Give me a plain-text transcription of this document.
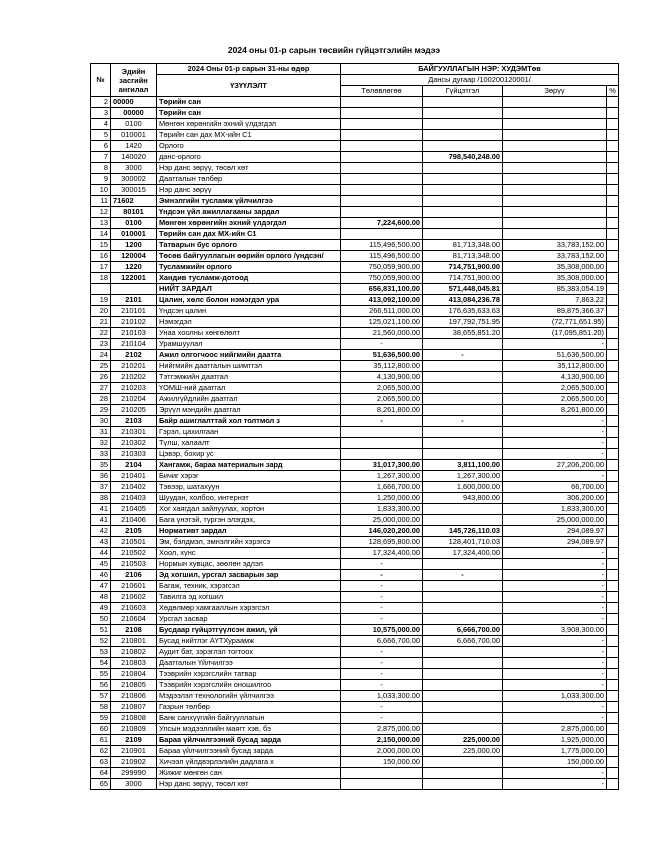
2024 оны 01-р сарын төсвийн гүйцэтгэлийн мэдээ
№	Эдийн засгийн ангилал	2024 Оны 01-р сарын 31-ны өдөр	БАЙГУУЛЛАГЫН НЭР: ХУДЭМТөв			
		ҮЗҮҮЛЭЛТ	Дансы дугаар /100200120001/			
			Төлөвлөгөө	Гүйцэтгэл	Зөрүү	%
2	00000	Төрийн сан				
3	00000	Төрийн сан				
4	0100	Мөнгөн хөрөнгийн эхний үлдэгдэл				
5	010001	Төрийн сан дах МХ-ийн С1				
6	1420	Орлого				
7	140020	данс-орлого		798,540,248.00		
8	3000	Нэр данс зөрүү, төсөл хөт				
9	300002	Даатгалын төлбөр				
10	300015	Нэр данс зөрүү				
11	71602	Эмнэлгийн тусламж үйлчилгээ				
12	80101	Үндсэн үйл ажиллагааны зардал				
13	0100	Мөнгөн хөрөнгийн эхний үлдэгдэл	7,224,600.00			
14	010001	Төрийн сан дах МХ-ийн С1				
15	1200	Татварын бус орлого	115,496,500.00	81,713,348.00	33,783,152.00	
16	120004	Төсөв байгууллагын өөрийн орлого /үндсэн/	115,496,500.00	81,713,348.00	33,783,152.00	
17	1220	Тусламжийн орлого	750,059,900.00	714,751,900.00	35,308,000.00	
18	122001	Хандив тусламж-дотоод	750,059,900.00	714,751,900.00	35,308,000.00	
		НИЙТ ЗАРДАЛ	656,831,100.00	571,448,045.81	85,383,054.19	
19	2101	Цалин, хөлс болон нэмэгдэл ура	413,092,100.00	413,084,236.78	7,863.22	
20	210101	Үндсэн цалин	266,511,000.00	176,635,633.63	89,875,366.37	
21	210102	Нэмэгдэл	125,021,100.00	197,792,751.95	(72,771,651.95)	
22	210103	Унаа хоолны хөнгөлөлт	21,560,000.00	38,655,851.20	(17,095,851.20)	
23	210104	Урамшуулал	-		-	
24	2102	Ажил олгогчоос нийгмийн даатга	51,636,500.00	-	51,636,500.00	
25	210201	Нийгмийн даатгалын шимтгэл	35,112,800.00		35,112,800.00	
26	210202	Тэтгэмжийн даатгал	4,130,900.00		4,130,900.00	
27	210203	ҮОМШ-ний даатгал	2,065,500.00		2,065,500.00	
28	210204	Ажилгүйдлийн даатгал	2,065,500.00		2,065,500.00	
29	210205	Эрүүл мэндийн даатгал	8,261,800.00		8,261,800.00	
30	2103	Байр ашиглалттай хол толтмол з	-	-	-	
31	210301	Гэрэл, цахилгаан			-	
32	210302	Түлш, халаалт			-	
33	210303	Цэвэр, бохир ус			-	
35	2104	Хангамж, бараа материалын зард	31,017,300.00	3,811,100.00	27,206,200.00	
36	210401	Бичиг хэрэг	1,267,300.00	1,267,300.00	-	
37	210402	Тэвээр, шатахуун	1,666,700.00	1,600,000.00	66,700.00	
38	210403	Шуудан, холбоо, интернэт	1,250,000.00	943,800.00	306,200.00	
41	210405	Хог хаягдал зайлуулах, хортон	1,833,300.00		1,833,300.00	
41	210406	Бага үнэтэй, түргэн элэгдэх,	25,000,000.00		25,000,000.00	
42	2105	Нормативт зардал	146,020,200.00	145,726,110.03	294,089.97	
43	210501	Эм, бэлдмэл, эмнэлгийн хэрэгсэ	128,695,800.00	128,401,710.03	294,089.97	
44	210502	Хоол, хүнс	17,324,400.00	17,324,400.00	-	
45	210503	Нормын хувцас, зөөлөн эдлэл	-		-	
46	2106	Эд хогшил, урсгал засварын зар	-	-	-	
47	210601	Багаж, техник, хэрэгсэл	-		-	
48	210602	Тавилга эд хогшил	-		-	
49	210603	Хөдөлмөр хамгааллын хэрэгсэл	-		-	
50	210604	Урсгал засвар	-		-	
51	2108	Бусдаар гүйцэтгүүлсэн ажил, үй	10,575,000.00	6,666,700.00	3,908,300.00	
52	210801	Бусад нийтлэг АҮТХураамж	6,666,700.00	6,666,700.00	-	
53	210802	Аудит бат, зэрэглэл тогтоох	-		-	
54	210803	Даатгалын Үйлчилгээ	-		-	
55	210804	Тээврийн хэрэгслийн татвар	-		-	
56	210805	Тээврийн хэрэгслийн оношилгоо	-		-	
57	210806	Мэдээлэл технологийн үйлчилгээ	1,033,300.00		1,033,300.00	
58	210807	Газрын төлбөр	-		-	
59	210808	Банк санхүүгийн байгууллагын	-		-	
60	210809	Улсын мэдээллийн маягт хэв, бэ	2,875,000.00		2,875,000.00	
61	2109	Бараа үйлчилгээний бусад зарда	2,150,000.00	225,000.00	1,925,000.00	
62	210901	Бараа үйлчилгээний бусад зарда	2,000,000.00	225,000.00	1,775,000.00	
63	210902	Хичээл үйлдвэрлэлийн дадлага х	150,000.00		150,000.00	
64	299990	Жижиг мөнгөн сан			-	
65	3000	Нэр данс зөрүү, төсөл хөт			-	
